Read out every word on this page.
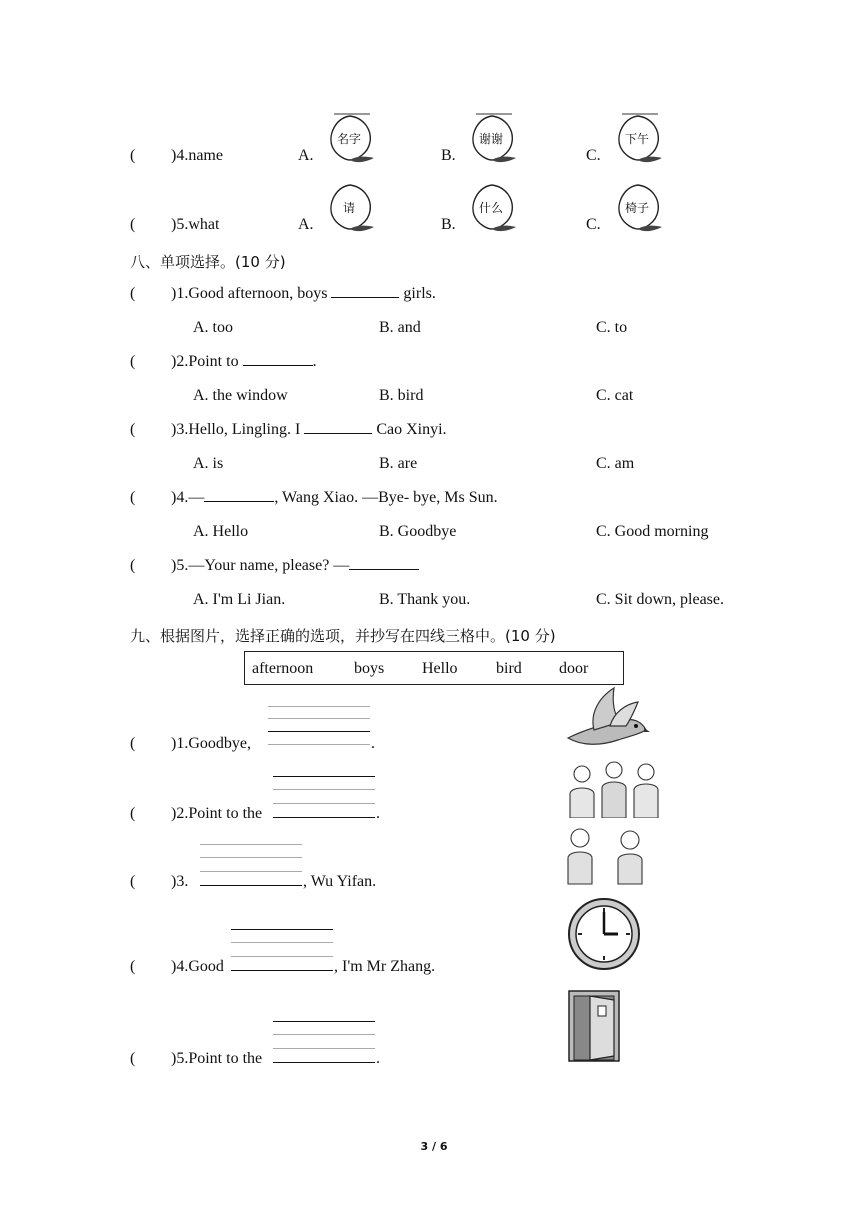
( )4.name	A.
名字
B.
谢谢
C.
下午
( )5.what	A.
请
B.
什么
C.
椅子
八、单项选择。(10 分)
( )1.Good afternoon, boys	girls.
A. too	B. and	C. to
( )2.Point to	.
A. the window	B. bird	C. cat
( )3.Hello, Lingling. I	Cao Xinyi.
A. is	B. are	C. am
( )4.—	, Wang Xiao. —Bye- bye, Ms Sun.
A. Hello	B. Goodbye	C. Good morning
( )5.—Your name, please? —
A. I'm Li Jian.	B. Thank you.	C. Sit down, please.
九、根据图片，选择正确的选项，并抄写在四线三格中。(10 分)
afternoon	boys Hello bird door
( )1.Goodbye,	.
( )2.Point to the	.
( )3.	, Wu Yifan.
( )4.Good	, I'm Mr Zhang.
( )5.Point to the	.
3 / 6
